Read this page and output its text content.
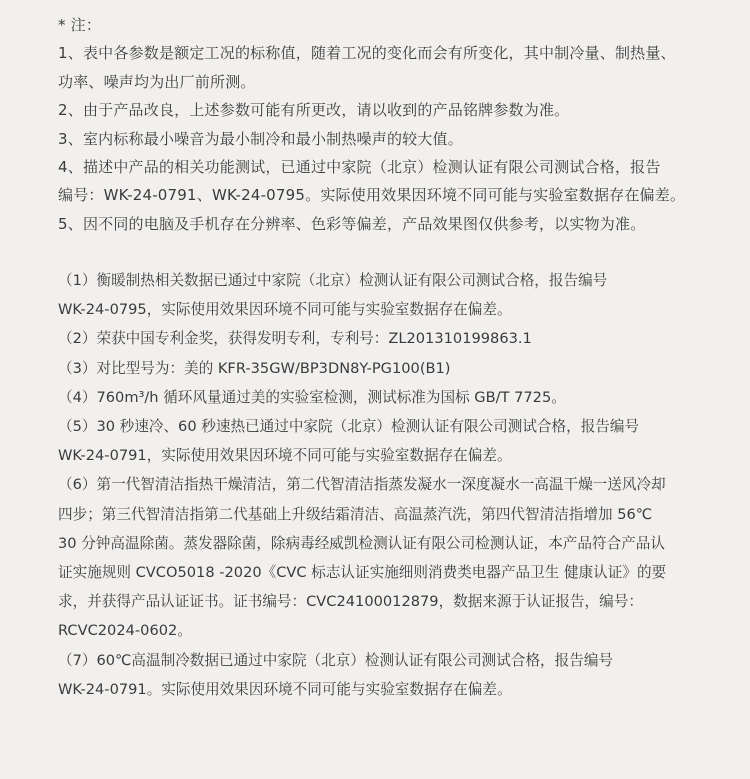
* 注：
1、表中各参数是额定工况的标称值，随着工况的变化而会有所变化，其中制冷量、制热量、
功率、噪声均为出厂前所测。
2、由于产品改良，上述参数可能有所更改，请以收到的产品铭牌参数为准。
3、室内标称最小噪音为最小制冷和最小制热噪声的较大值。
4、描述中产品的相关功能测试，已通过中家院（北京）检测认证有限公司测试合格，报告
编号：WK-24-0791、WK-24-0795。实际使用效果因环境不同可能与实验室数据存在偏差。
5、因不同的电脑及手机存在分辨率、色彩等偏差，产品效果图仅供参考，以实物为准。
（1）衡暖制热相关数据已通过中家院（北京）检测认证有限公司测试合格，报告编号
WK-24-0795，实际使用效果因环境不同可能与实验室数据存在偏差。
（2）荣获中国专利金奖，获得发明专利，专利号：ZL201310199863.1
（3）对比型号为：美的 KFR-35GW/BP3DN8Y-PG100(B1)
（4）760m³/h 循环风量通过美的实验室检测，测试标准为国标 GB/T 7725。
（5）30 秒速冷、60 秒速热已通过中家院（北京）检测认证有限公司测试合格，报告编号
WK-24-0791，实际使用效果因环境不同可能与实验室数据存在偏差。
（6）第一代智清洁指热干燥清洁，第二代智清洁指蒸发凝水一深度凝水一高温干燥一送风冷却
四步；第三代智清洁指第二代基础上升级结霜清洁、高温蒸汽洗，第四代智清洁指增加 56℃
30 分钟高温除菌。蒸发器除菌，除病毒经威凯检测认证有限公司检测认证，本产品符合产品认
证实施规则 CVCO5018 -2020《CVC 标志认证实施细则消费类电器产品卫生 健康认证》的要
求，并获得产品认证证书。证书编号：CVC24100012879，数据来源于认证报告，编号：
RCVC2024-0602。
（7）60℃高温制冷数据已通过中家院（北京）检测认证有限公司测试合格，报告编号
WK-24-0791。实际使用效果因环境不同可能与实验室数据存在偏差。
